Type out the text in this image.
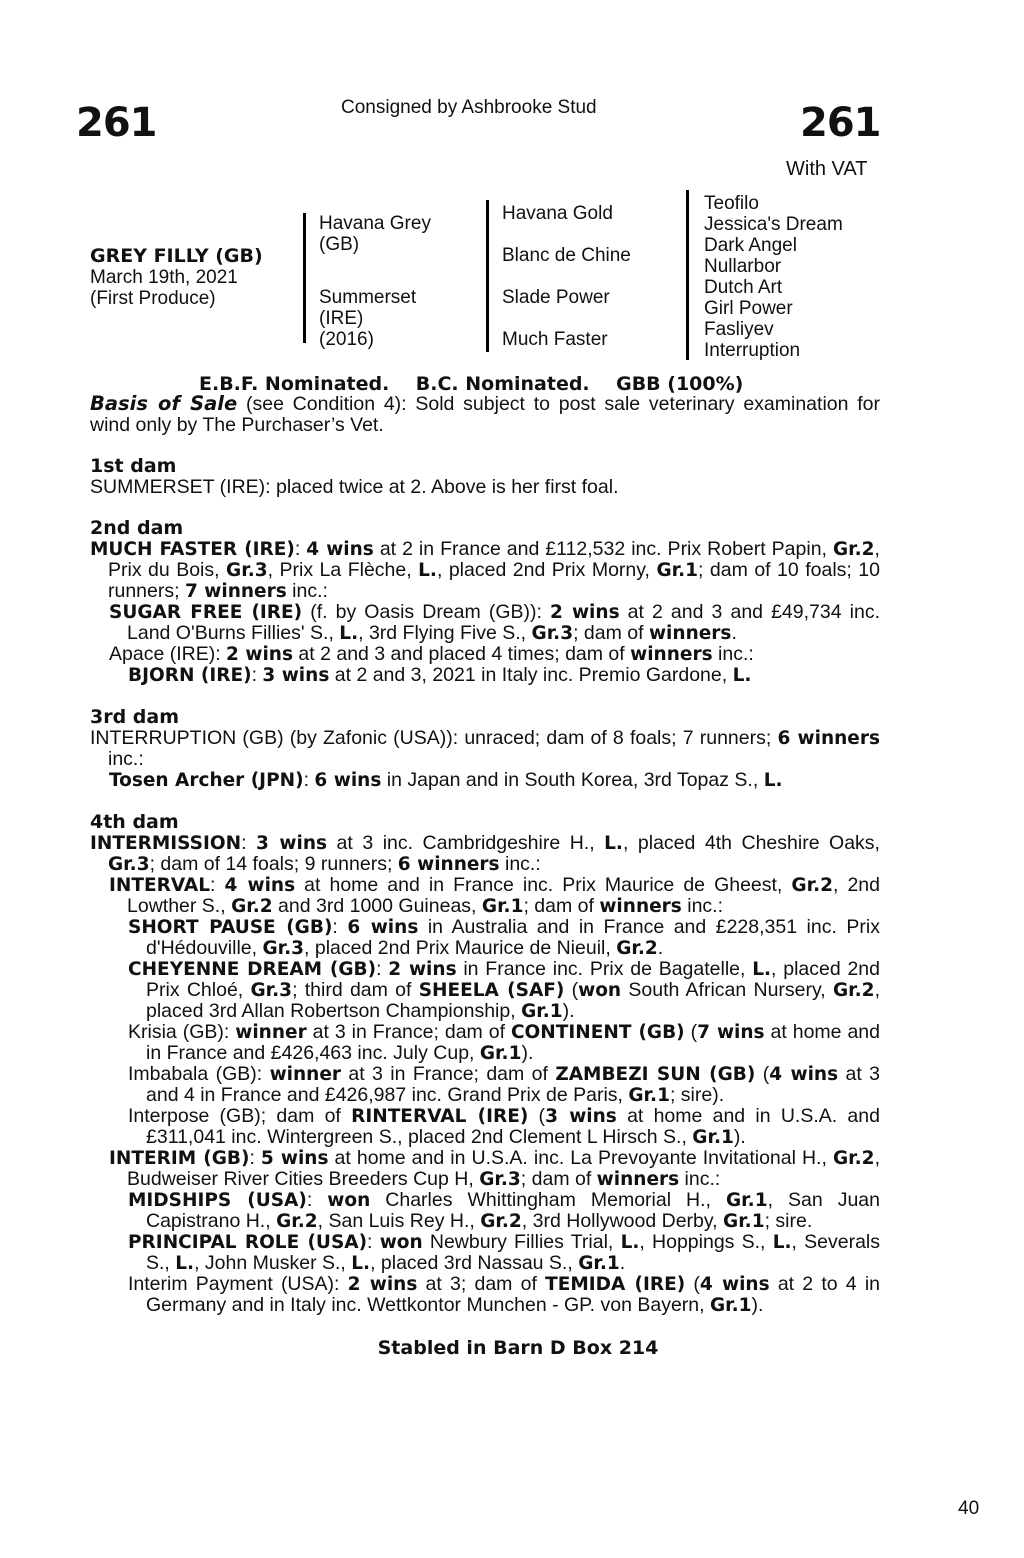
261	Consigned by Ashbrooke Stud	261
With VAT
GREY FILLY (GB)
March 19th, 2021
(First Produce)
Havana Grey
(GB)
Summerset
(IRE)
(2016)
Havana Gold
Blanc de Chine
Slade Power
Much Faster
Teofilo
Jessica's Dream
Dark Angel
Nullarbor
Dutch Art
Girl Power
Fasliyev
Interruption
E.B.F. Nominated.    B.C. Nominated.    GBB (100%)

Basis of Sale (see Condition 4): Sold subject to post sale veterinary examination for wind only by The Purchaser’s Vet.

1st dam

SUMMERSET (IRE): placed twice at 2. Above is her first foal.

2nd dam

MUCH FASTER (IRE): 4 wins at 2 in France and £112,532 inc. Prix Robert Papin, Gr.2, Prix du Bois, Gr.3, Prix La Flèche, L., placed 2nd Prix Morny, Gr.1; dam of 10 foals; 10 runners; 7 winners inc.:

SUGAR FREE (IRE) (f. by Oasis Dream (GB)): 2 wins at 2 and 3 and £49,734 inc. Land O'Burns Fillies' S., L., 3rd Flying Five S., Gr.3; dam of winners.

Apace (IRE): 2 wins at 2 and 3 and placed 4 times; dam of winners inc.:

BJORN (IRE): 3 wins at 2 and 3, 2021 in Italy inc. Premio Gardone, L.

3rd dam

INTERRUPTION (GB) (by Zafonic (USA)): unraced; dam of 8 foals; 7 runners; 6 winners inc.:

Tosen Archer (JPN): 6 wins in Japan and in South Korea, 3rd Topaz S., L.

4th dam

INTERMISSION: 3 wins at 3 inc. Cambridgeshire H., L., placed 4th Cheshire Oaks, Gr.3; dam of 14 foals; 9 runners; 6 winners inc.:

INTERVAL: 4 wins at home and in France inc. Prix Maurice de Gheest, Gr.2, 2nd Lowther S., Gr.2 and 3rd 1000 Guineas, Gr.1; dam of winners inc.:

SHORT PAUSE (GB): 6 wins in Australia and in France and £228,351 inc. Prix d'Hédouville, Gr.3, placed 2nd Prix Maurice de Nieuil, Gr.2.

CHEYENNE DREAM (GB): 2 wins in France inc. Prix de Bagatelle, L., placed 2nd Prix Chloé, Gr.3; third dam of SHEELA (SAF) (won South African Nursery, Gr.2, placed 3rd Allan Robertson Championship, Gr.1).

Krisia (GB): winner at 3 in France; dam of CONTINENT (GB) (7 wins at home and in France and £426,463 inc. July Cup, Gr.1).

Imbabala (GB): winner at 3 in France; dam of ZAMBEZI SUN (GB) (4 wins at 3 and 4 in France and £426,987 inc. Grand Prix de Paris, Gr.1; sire).

Interpose (GB); dam of RINTERVAL (IRE) (3 wins at home and in U.S.A. and £311,041 inc. Wintergreen S., placed 2nd Clement L Hirsch S., Gr.1).

INTERIM (GB): 5 wins at home and in U.S.A. inc. La Prevoyante Invitational H., Gr.2, Budweiser River Cities Breeders Cup H, Gr.3; dam of winners inc.:

MIDSHIPS (USA): won Charles Whittingham Memorial H., Gr.1, San Juan Capistrano H., Gr.2, San Luis Rey H., Gr.2, 3rd Hollywood Derby, Gr.1; sire.

PRINCIPAL ROLE (USA): won Newbury Fillies Trial, L., Hoppings S., L., Severals S., L., John Musker S., L., placed 3rd Nassau S., Gr.1.

Interim Payment (USA): 2 wins at 3; dam of TEMIDA (IRE) (4 wins at 2 to 4 in Germany and in Italy inc. Wettkontor Munchen - GP. von Bayern, Gr.1).

Stabled in Barn D Box 214
40
